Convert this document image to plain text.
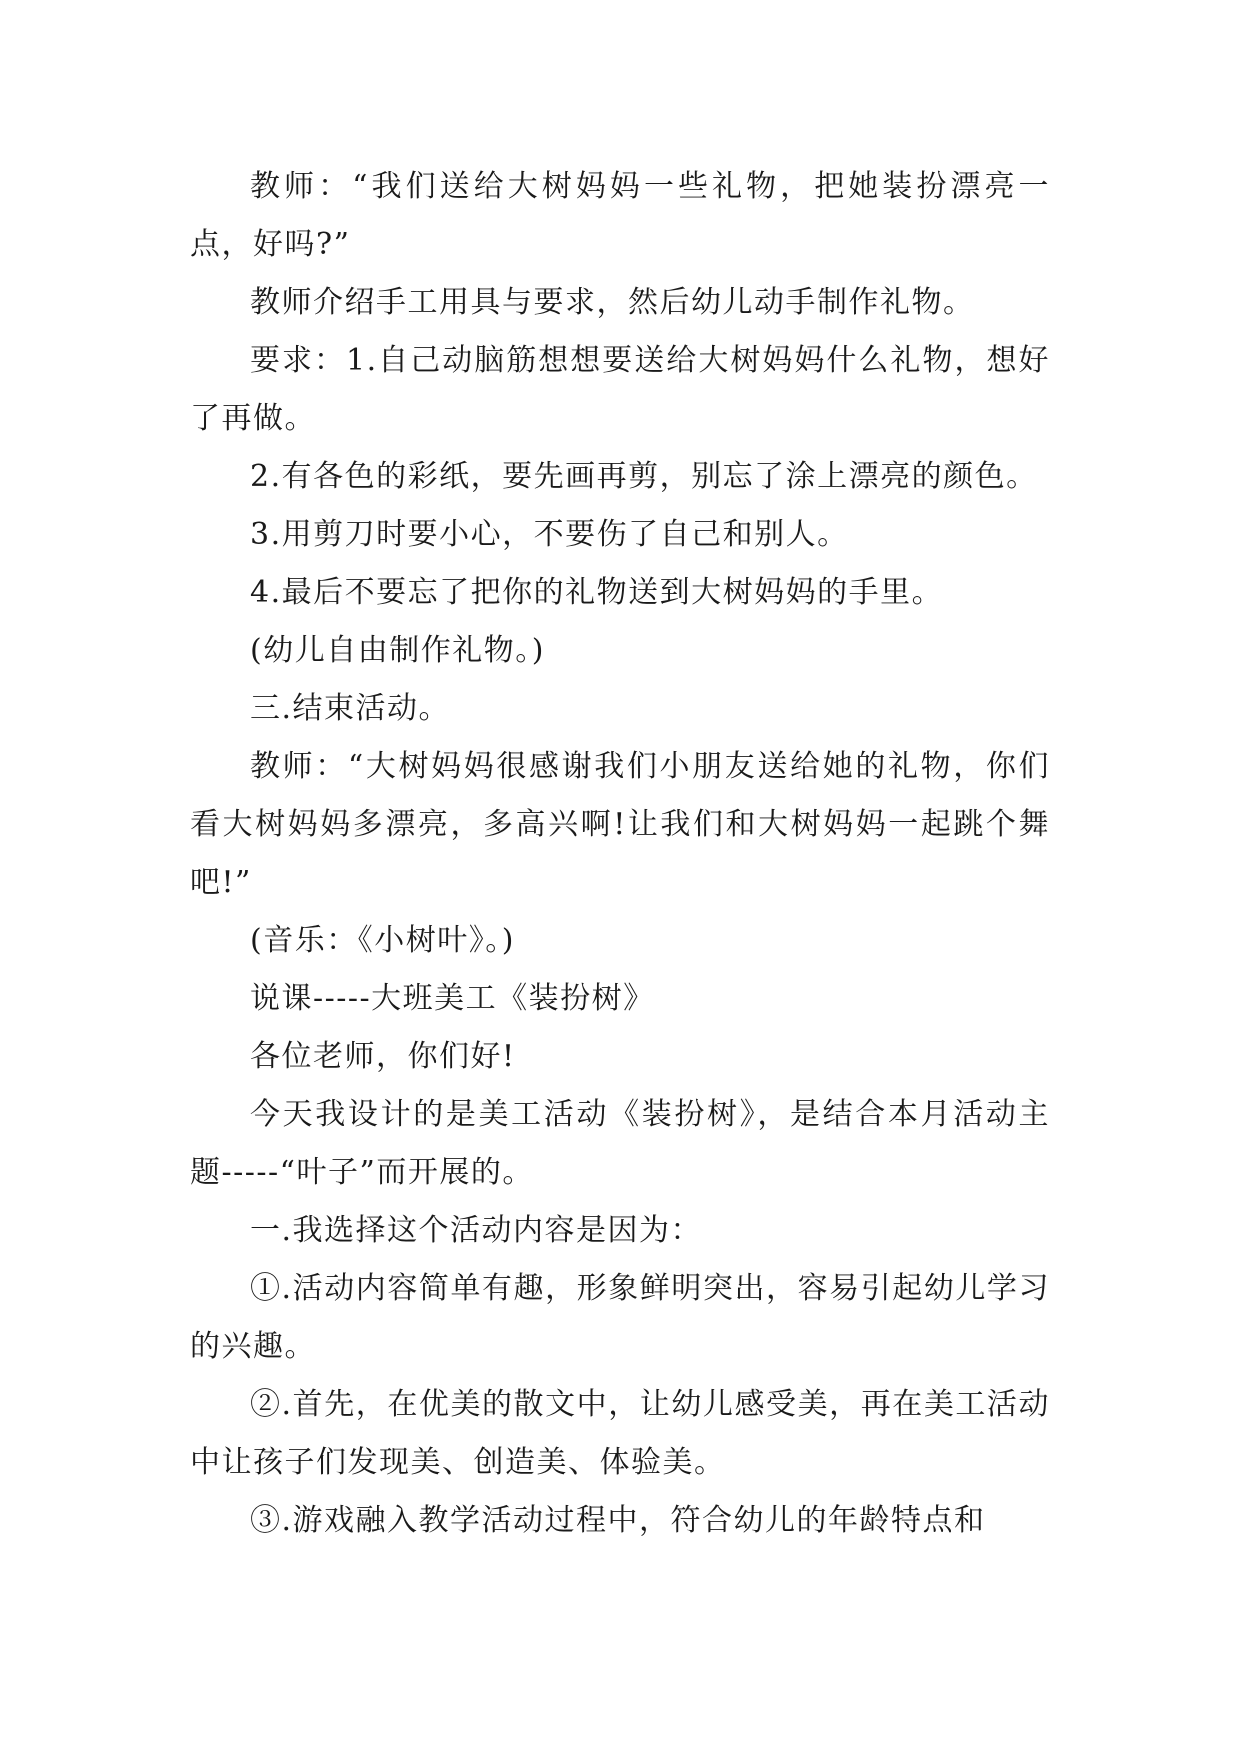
教师：“我们送给大树妈妈一些礼物，把她装扮漂亮一点，好吗?”

教师介绍手工用具与要求，然后幼儿动手制作礼物。

要求：1.自己动脑筋想想要送给大树妈妈什么礼物，想好了再做。

2.有各色的彩纸，要先画再剪，别忘了涂上漂亮的颜色。

3.用剪刀时要小心，不要伤了自己和别人。

4.最后不要忘了把你的礼物送到大树妈妈的手里。

(幼儿自由制作礼物。)

三.结束活动。

教师：“大树妈妈很感谢我们小朋友送给她的礼物，你们看大树妈妈多漂亮，多高兴啊!让我们和大树妈妈一起跳个舞吧!”

(音乐：《小树叶》。)

说课-----大班美工《装扮树》

各位老师，你们好!

今天我设计的是美工活动《装扮树》，是结合本月活动主题-----“叶子”而开展的。

一.我选择这个活动内容是因为：

①.活动内容简单有趣，形象鲜明突出，容易引起幼儿学习的兴趣。

②.首先，在优美的散文中，让幼儿感受美，再在美工活动中让孩子们发现美、创造美、体验美。

③.游戏融入教学活动过程中，符合幼儿的年龄特点和
